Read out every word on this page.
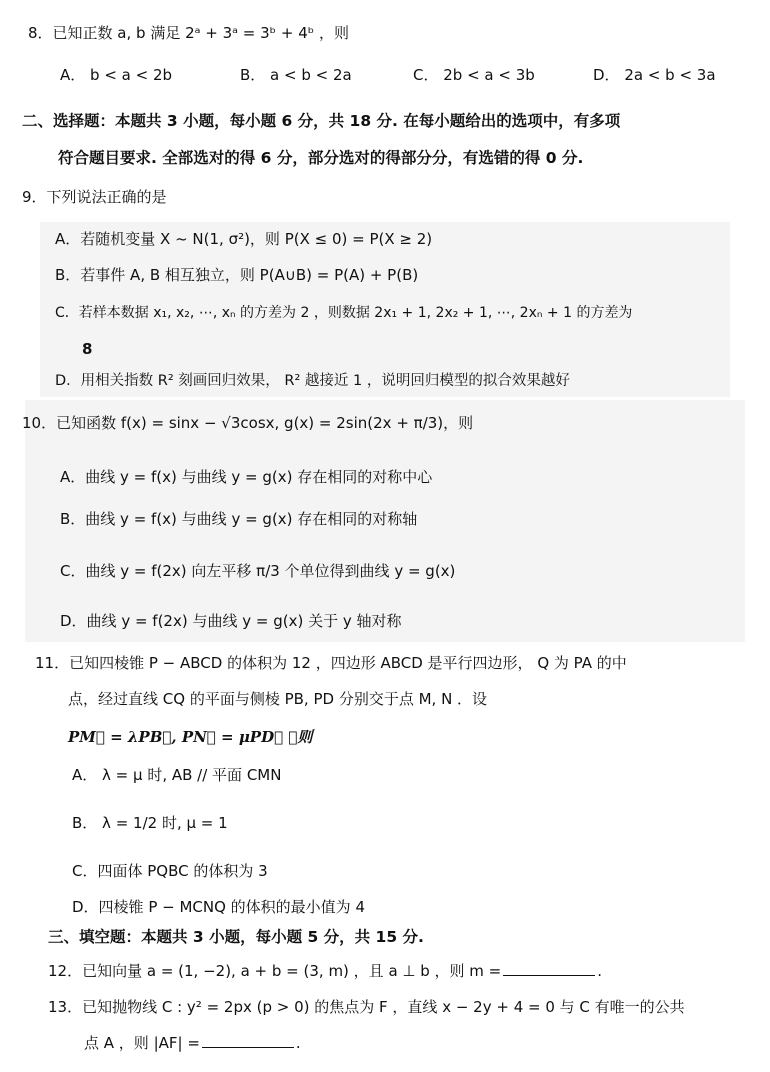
8．已知正数 a, b 满足 2ᵃ + 3ᵃ = 3ᵇ + 4ᵇ ，则
A． b < a < 2b	B． a < b < 2a	C． 2b < a < 3b	D． 2a < b < 3a
二、选择题：本题共 3 小题，每小题 6 分，共 18 分. 在每小题给出的选项中，有多项
符合题目要求. 全部选对的得 6 分，部分选对的得部分分，有选错的得 0 分.
9．下列说法正确的是
A．若随机变量 X ~ N(1, σ²)，则 P(X ≤ 0) = P(X ≥ 2)
B．若事件 A, B 相互独立，则 P(A∪B) = P(A) + P(B)
C．若样本数据 x₁, x₂, ⋯, xₙ 的方差为 2 ，则数据 2x₁ + 1, 2x₂ + 1, ⋯, 2xₙ + 1 的方差为
8
D．用相关指数 R² 刻画回归效果， R² 越接近 1 ，说明回归模型的拟合效果越好
10．已知函数 f(x) = sinx − √3cosx, g(x) = 2sin(2x + π/3)，则
A．曲线 y = f(x) 与曲线 y = g(x) 存在相同的对称中心
B．曲线 y = f(x) 与曲线 y = g(x) 存在相同的对称轴
C．曲线 y = f(2x) 向左平移 π/3 个单位得到曲线 y = g(x)
D．曲线 y = f(2x) 与曲线 y = g(x) 关于 y 轴对称
11．已知四棱锥 P − ABCD 的体积为 12 ，四边形 ABCD 是平行四边形， Q 为 PA 的中
点，经过直线 CQ 的平面与侧棱 PB, PD 分别交于点 M, N ．设
PM⃗ = λPB⃗, PN⃗ = μPD⃗ ，则
A． λ = μ 时, AB // 平面 CMN
B． λ = 1/2 时, μ = 1
C．四面体 PQBC 的体积为 3
D．四棱锥 P − MCNQ 的体积的最小值为 4
三、填空题：本题共 3 小题，每小题 5 分，共 15 分.
12．已知向量 a = (1, −2), a + b = (3, m) ，且 a ⊥ b ，则 m =	.
13．已知抛物线 C : y² = 2px (p > 0) 的焦点为 F ，直线 x − 2y + 4 = 0 与 C 有唯一的公共
点 A ，则 |AF| =	.
